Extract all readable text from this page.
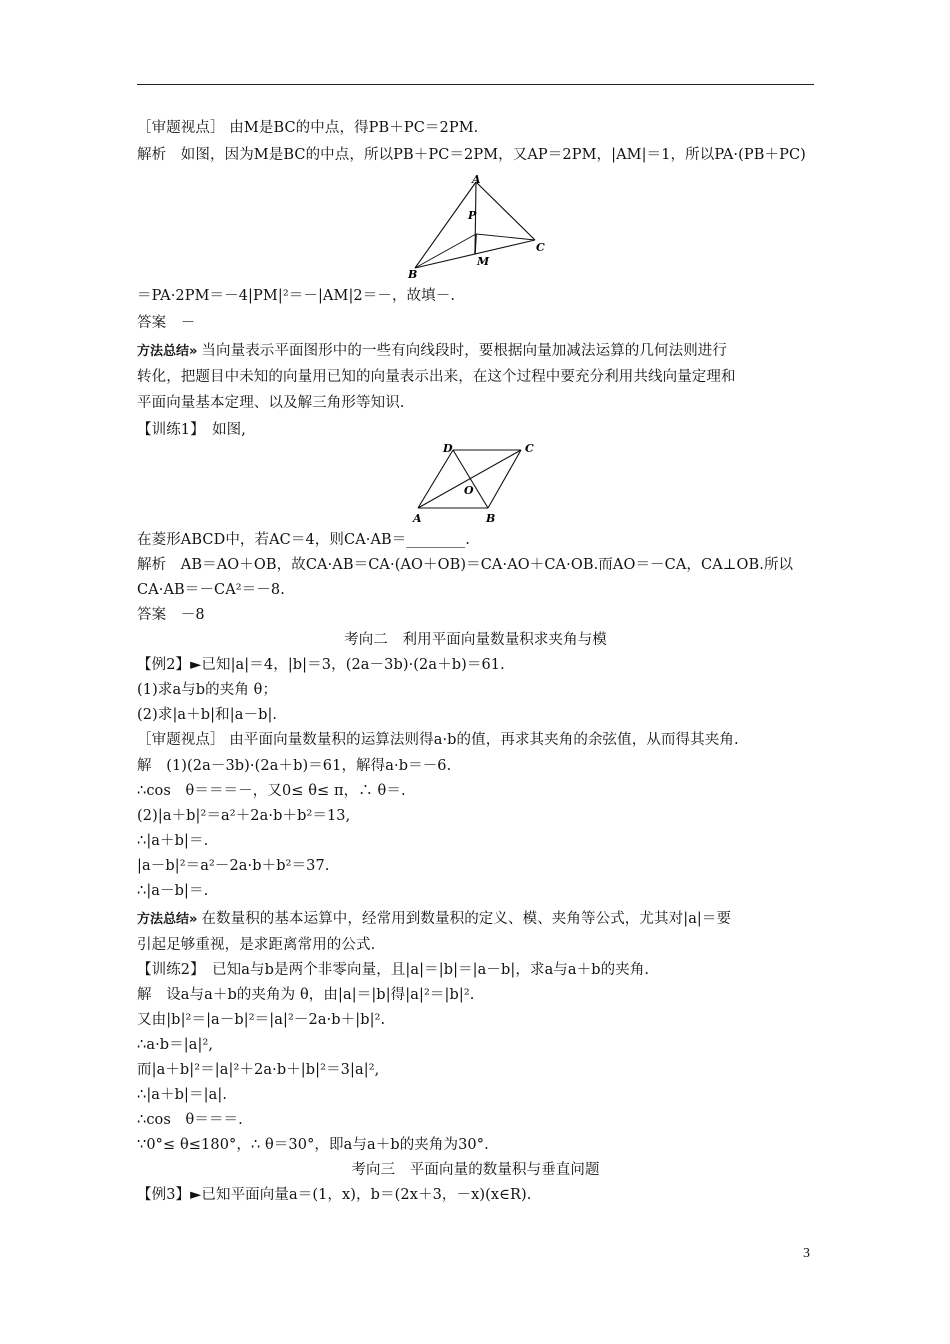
［审题视点］ 由M是BC的中点，得PB＋PC＝2PM.
解析　如图，因为M是BC的中点，所以PB＋PC＝2PM，又AP＝2PM，|AM|＝1，所以PA·(PB＋PC)
A
P
C
M
B
＝PA·2PM＝－4|PM|²＝－|AM|2＝－，故填－.
答案　－
方法总结» 当向量表示平面图形中的一些有向线段时，要根据向量加减法运算的几何法则进行
转化，把题目中未知的向量用已知的向量表示出来，在这个过程中要充分利用共线向量定理和
平面向量基本定理、以及解三角形等知识.
【训练1】　如图,
D	C
O
A	B
在菱形ABCD中，若AC＝4，则CA·AB＝________.
解析　AB＝AO＋OB，故CA·AB＝CA·(AO＋OB)＝CA·AO＋CA·OB.而AO＝－CA，CA⊥OB.所以
CA·AB＝－CA²＝－8.
答案　－8
考向二　利用平面向量数量积求夹角与模
【例2】►已知|a|＝4，|b|＝3，(2a－3b)·(2a＋b)＝61.
(1)求a与b的夹角 θ；
(2)求|a＋b|和|a－b|.
［审题视点］ 由平面向量数量积的运算法则得a·b的值，再求其夹角的余弦值，从而得其夹角.
解　(1)(2a－3b)·(2a＋b)＝61，解得a·b＝－6.
∴cos　θ＝＝＝－，又0≤ θ≤ π，∴ θ＝.
(2)|a＋b|²＝a²＋2a·b＋b²＝13,
∴|a＋b|＝.
|a－b|²＝a²－2a·b＋b²＝37.
∴|a－b|＝.
方法总结» 在数量积的基本运算中，经常用到数量积的定义、模、夹角等公式，尤其对|a|＝要
引起足够重视，是求距离常用的公式.
【训练2】　已知a与b是两个非零向量，且|a|＝|b|＝|a－b|，求a与a＋b的夹角.
解　设a与a＋b的夹角为 θ，由|a|＝|b|得|a|²＝|b|².
又由|b|²＝|a－b|²＝|a|²－2a·b＋|b|².
∴a·b＝|a|²,
而|a＋b|²＝|a|²＋2a·b＋|b|²＝3|a|²,
∴|a＋b|＝|a|.
∴cos　θ＝＝＝.
∵0°≤ θ≤180°，∴ θ＝30°，即a与a＋b的夹角为30°.
考向三　平面向量的数量积与垂直问题
【例3】►已知平面向量a＝(1，x)，b＝(2x＋3，－x)(x∈R).
3
